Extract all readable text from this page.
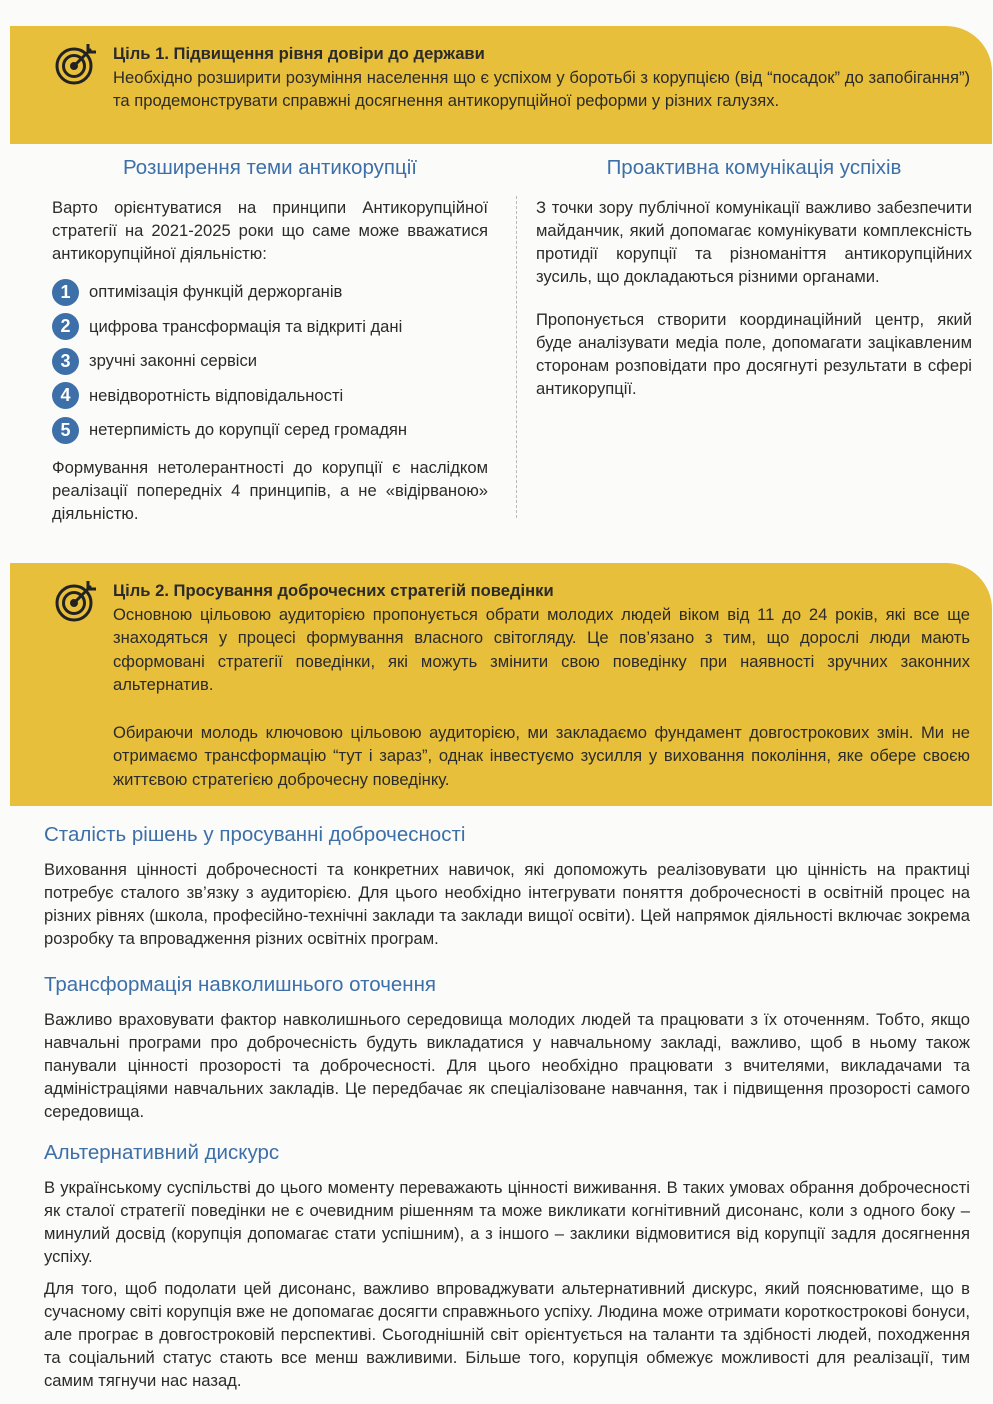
Ціль 1. Підвищення рівня довіри до держави

Необхідно розширити розуміння населення що є успіхом у боротьбі з корупцією (від “посадок” до запобігання”) та продемонструвати справжні досягнення антикорупційної реформи у різних галузях.

Розширення теми антикорупції

Варто орієнтуватися на принципи Антикорупційної стратегії на 2021-2025 роки що саме може вважатися антикорупційної діяльністю:

1	оптимізація функцій держорганів
2	цифрова трансформація та відкриті дані
3	зручні законні сервіси
4	невідворотність відповідальності
5	нетерпимість до корупції серед громадян

Формування нетолерантності до корупції є наслідком реалізації попередніх 4 принципів, а не «відірваною» діяльністю.

Проактивна комунікація успіхів

З точки зору публічної комунікації важливо забезпечити майданчик, який допомагає комунікувати комплексність протидії корупції та різноманіття антикорупційних зусиль, що докладаються різними органами.

Пропонується створити координаційний центр, який буде аналізувати медіа поле, допомагати зацікавленим сторонам розповідати про досягнуті результати в сфері антикорупції.

Ціль 2. Просування доброчесних стратегій поведінки

Основною цільовою аудиторією пропонується обрати молодих людей віком від 11 до 24 років, які все ще знаходяться у процесі формування власного світогляду. Це пов’язано з тим, що дорослі люди мають сформовані стратегії поведінки, які можуть змінити свою поведінку при наявності зручних законних альтернатив.

Обираючи молодь ключовою цільовою аудиторією, ми закладаємо фундамент довгострокових змін. Ми не отримаємо трансформацію “тут і зараз”, однак інвестуємо зусилля у виховання покоління, яке обере своєю життєвою стратегією доброчесну поведінку.

Сталість рішень у просуванні доброчесності

Виховання цінності доброчесності та конкретних навичок, які допоможуть реалізовувати цю цінність на практиці потребує сталого зв’язку з аудиторією. Для цього необхідно інтегрувати поняття доброчесності в освітній процес на різних рівнях (школа, професійно-технічні заклади та заклади вищої освіти). Цей напрямок діяльності включає зокрема розробку та впровадження різних освітніх програм.

Трансформація навколишнього оточення

Важливо враховувати фактор навколишнього середовища молодих людей та працювати з їх оточенням. Тобто, якщо навчальні програми про доброчесність будуть викладатися у навчальному закладі, важливо, щоб в ньому також панували цінності прозорості та доброчесності. Для цього необхідно працювати з вчителями, викладачами та адміністраціями навчальних закладів. Це передбачає як спеціалізоване навчання, так і підвищення прозорості самого середовища.

Альтернативний дискурс

В українському суспільстві до цього моменту переважають цінності виживання. В таких умовах обрання доброчесності як сталої стратегії поведінки не є очевидним рішенням та може викликати когнітивний дисонанс, коли з одного боку – минулий досвід (корупція допомагає стати успішним), а з іншого – заклики відмовитися від корупції задля досягнення успіху.

Для того, щоб подолати цей дисонанс, важливо впроваджувати альтернативний дискурс, який пояснюватиме, що в сучасному світі корупція вже не допомагає досягти справжнього успіху. Людина може отримати короткострокові бонуси, але програє в довгостроковій перспективі. Сьогоднішній світ орієнтується на таланти та здібності людей, походження та соціальний статус стають все менш важливими. Більше того, корупція обмежує можливості для реалізації, тим самим тягнучи нас назад.
